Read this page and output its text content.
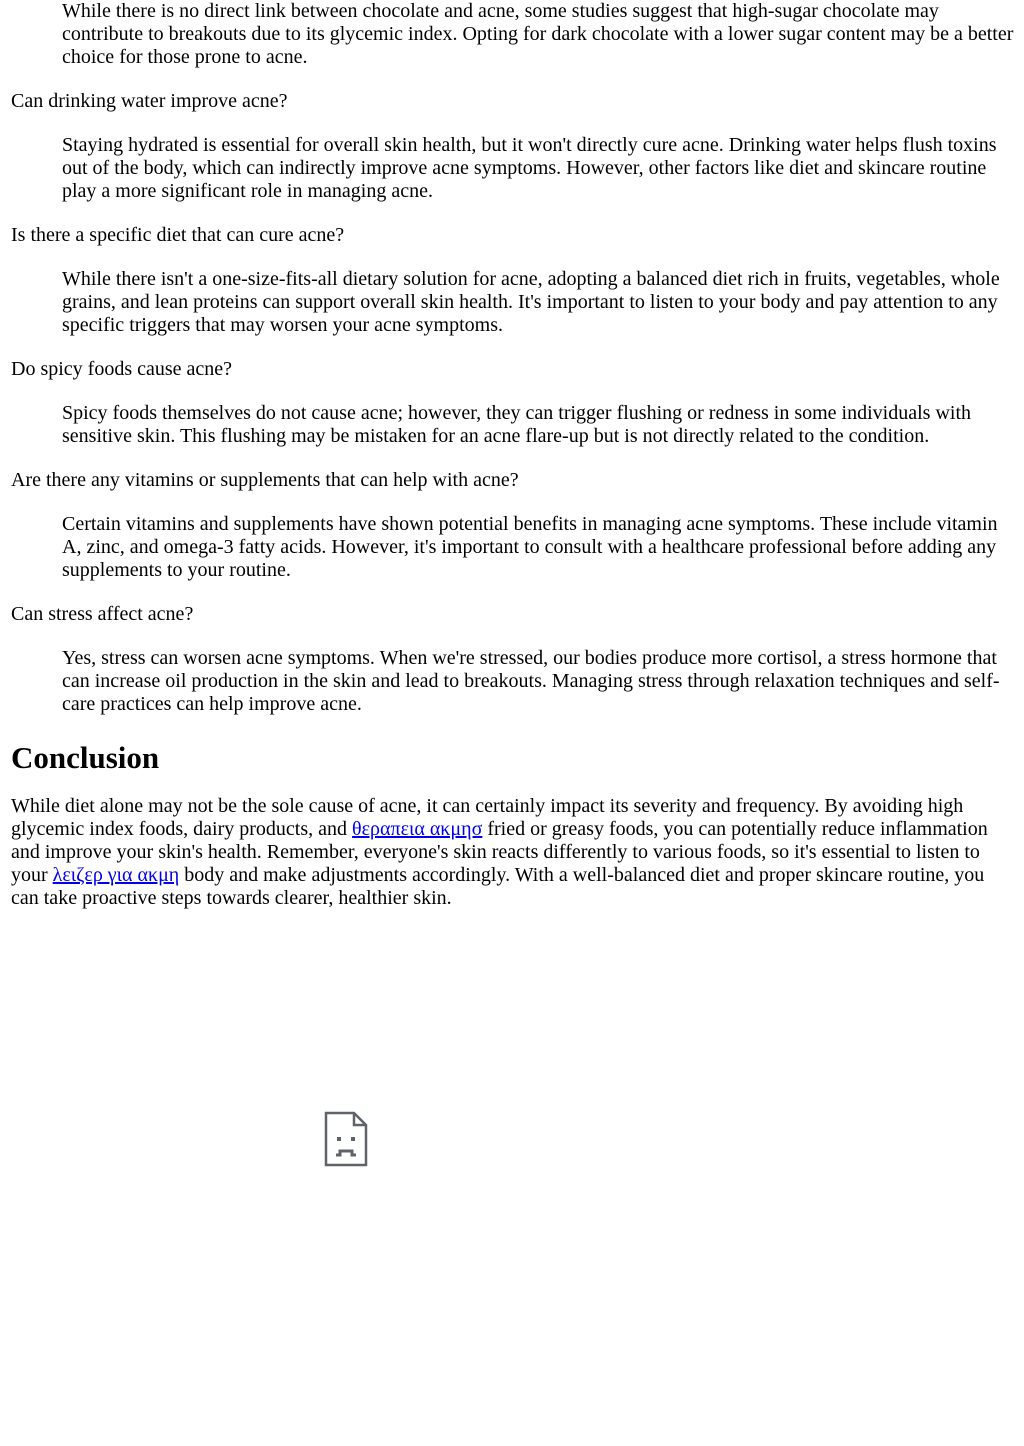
While there is no direct link between chocolate and acne, some studies suggest that high-sugar chocolate may contribute to breakouts due to its glycemic index. Opting for dark chocolate with a lower sugar content may be a better choice for those prone to acne.
Can drinking water improve acne?
Staying hydrated is essential for overall skin health, but it won't directly cure acne. Drinking water helps flush toxins out of the body, which can indirectly improve acne symptoms. However, other factors like diet and skincare routine play a more significant role in managing acne.
Is there a specific diet that can cure acne?
While there isn't a one-size-fits-all dietary solution for acne, adopting a balanced diet rich in fruits, vegetables, whole grains, and lean proteins can support overall skin health. It's important to listen to your body and pay attention to any specific triggers that may worsen your acne symptoms.
Do spicy foods cause acne?
Spicy foods themselves do not cause acne; however, they can trigger flushing or redness in some individuals with sensitive skin. This flushing may be mistaken for an acne flare-up but is not directly related to the condition.
Are there any vitamins or supplements that can help with acne?
Certain vitamins and supplements have shown potential benefits in managing acne symptoms. These include vitamin A, zinc, and omega-3 fatty acids. However, it's important to consult with a healthcare professional before adding any supplements to your routine.
Can stress affect acne?
Yes, stress can worsen acne symptoms. When we're stressed, our bodies produce more cortisol, a stress hormone that can increase oil production in the skin and lead to breakouts. Managing stress through relaxation techniques and self-care practices can help improve acne.
Conclusion

While diet alone may not be the sole cause of acne, it can certainly impact its severity and frequency. By avoiding high glycemic index foods, dairy products, and θεραπεια ακμησ fried or greasy foods, you can potentially reduce inflammation and improve your skin's health. Remember, everyone's skin reacts differently to various foods, so it's essential to listen to your λειζερ για ακμη body and make adjustments accordingly. With a well-balanced diet and proper skincare routine, you can take proactive steps towards clearer, healthier skin.
